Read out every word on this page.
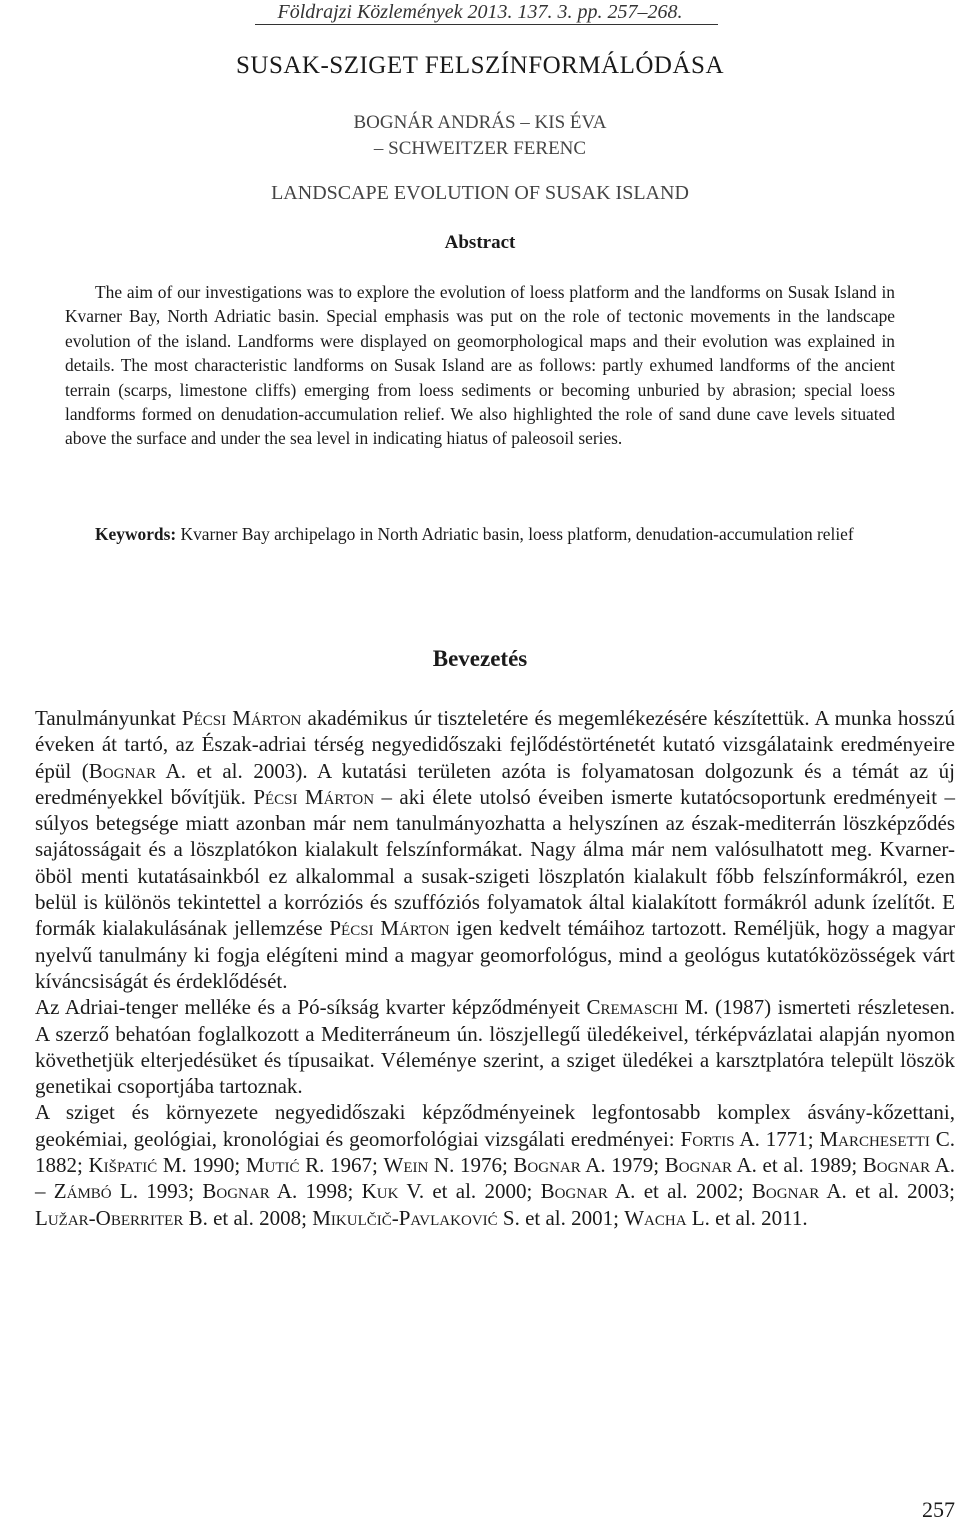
Földrajzi Közlemények 2013. 137. 3. pp. 257–268.
SUSAK-SZIGET FELSZÍNFORMÁLÓDÁSA
BOGNÁR ANDRÁS – KIS ÉVA
– SCHWEITZER FERENC
LANDSCAPE EVOLUTION OF SUSAK ISLAND
Abstract
The aim of our investigations was to explore the evolution of loess platform and the landforms on Susak Island in Kvarner Bay, North Adriatic basin. Special emphasis was put on the role of tectonic movements in the landscape evolution of the island. Landforms were displayed on geomorphological maps and their evolution was explained in details. The most characteristic landforms on Susak Island are as follows: partly exhumed landforms of the ancient terrain (scarps, limestone cliffs) emerging from loess sediments or becoming unburied by abrasion; special loess landforms formed on denudation-accumulation relief. We also highlighted the role of sand dune cave levels situated above the surface and under the sea level in indicating hiatus of paleosoil series.
Keywords: Kvarner Bay archipelago in North Adriatic basin, loess platform, denudation-accumulation relief
Bevezetés

Tanulmányunkat Pécsi Márton akadémikus úr tiszteletére és megemlékezésére készítettük. A munka hosszú éveken át tartó, az Észak-adriai térség negyedidőszaki fejlődéstörténetét kutató vizsgálataink eredményeire épül (Bognar A. et al. 2003). A kutatási területen azóta is folyamatosan dolgozunk és a témát az új eredményekkel bővítjük. Pécsi Márton – aki élete utolsó éveiben ismerte kutatócsoportunk eredményeit – súlyos betegsége miatt azonban már nem tanulmányozhatta a helyszínen az észak-mediterrán löszképződés sajátosságait és a löszplatókon kialakult felszínformákat. Nagy álma már nem valósulhatott meg. Kvarner-öböl menti kutatásainkból ez alkalommal a susak-szigeti löszplatón kialakult főbb felszínformákról, ezen belül is különös tekintettel a korróziós és szuffóziós folyamatok által kialakított formákról adunk ízelítőt. E formák kialakulásának jellemzése Pécsi Márton igen kedvelt témáihoz tartozott. Reméljük, hogy a magyar nyelvű tanulmány ki fogja elégíteni mind a magyar geomorfológus, mind a geológus kutatóközösségek várt kíváncsiságát és érdeklődését.

Az Adriai-tenger melléke és a Pó-síkság kvarter képződményeit Cremaschi M. (1987) ismerteti részletesen. A szerző behatóan foglalkozott a Mediterráneum ún. löszjellegű üledékeivel, térképvázlatai alapján nyomon követhetjük elterjedésüket és típusaikat. Véleménye szerint, a sziget üledékei a karsztplatóra települt löszök genetikai csoportjába tartoznak.

A sziget és környezete negyedidőszaki képződményeinek legfontosabb komplex ásvány-kőzettani, geokémiai, geológiai, kronológiai és geomorfológiai vizsgálati eredményei: Fortis A. 1771; Marchesetti C. 1882; Kišpatić M. 1990; Mutić R. 1967; Wein N. 1976; Bognar A. 1979; Bognar A. et al. 1989; Bognar A. – Zámbó L. 1993; Bognar A. 1998; Kuk V. et al. 2000; Bognar A. et al. 2002; Bognar A. et al. 2003; Lužar-Oberriter B. et al. 2008; Mikulčič-Pavlaković S. et al. 2001; Wacha L. et al. 2011.

257
